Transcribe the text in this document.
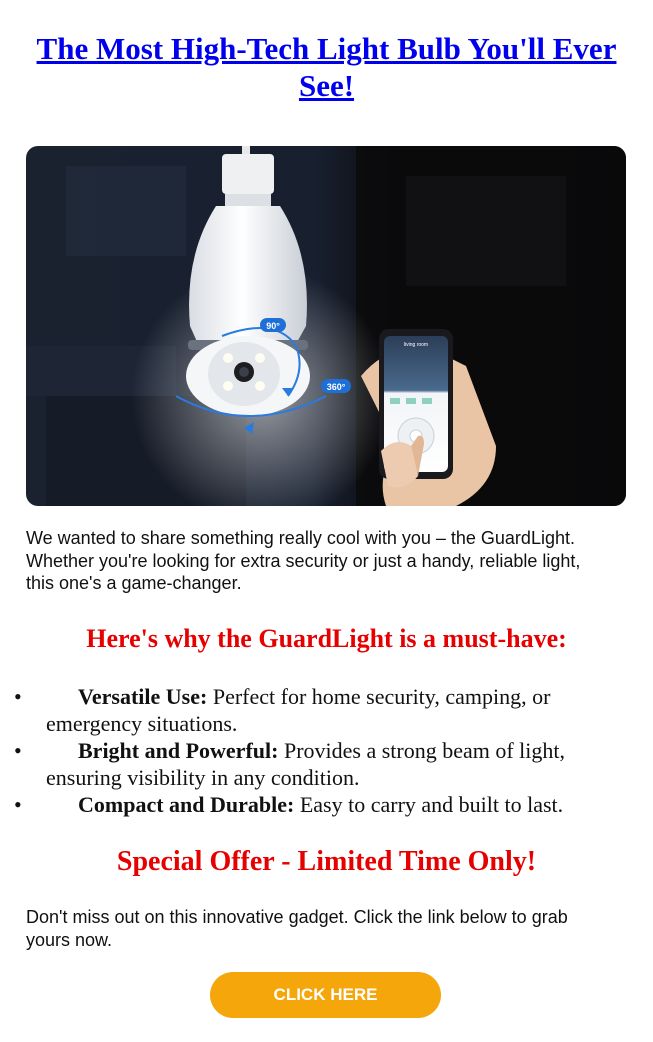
The Most High-Tech Light Bulb You'll Ever See!
90°
360°
living room

We wanted to share something really cool with you – the GuardLight. Whether you're looking for extra security or just a handy, reliable light, this one's a game-changer.

Here's why the GuardLight is a must-have:
•	Versatile Use: Perfect for home security, camping, or emergency situations.
•	Bright and Powerful: Provides a strong beam of light, ensuring visibility in any condition.
•	Compact and Durable: Easy to carry and built to last.
Special Offer - Limited Time Only!

Don't miss out on this innovative gadget. Click the link below to grab yours now.

CLICK HERE
